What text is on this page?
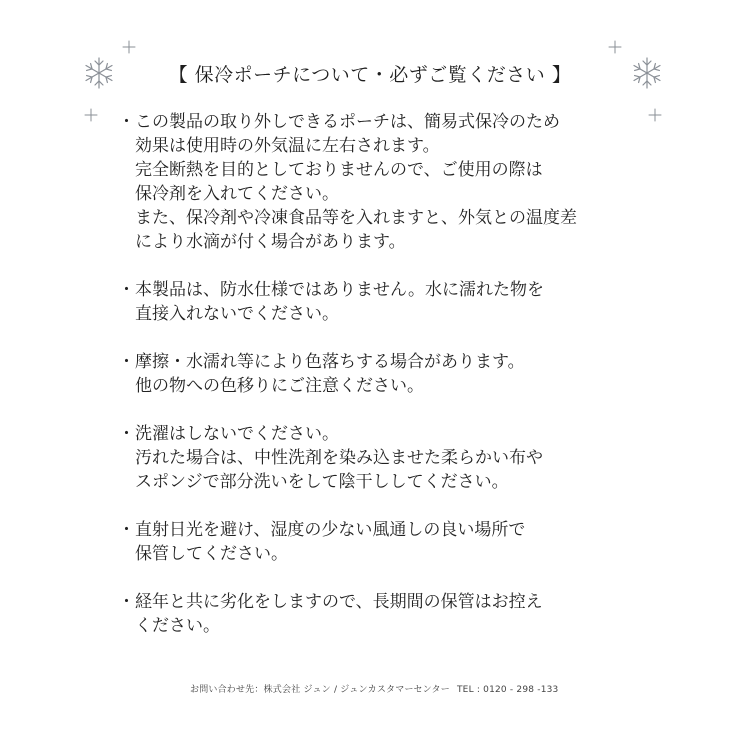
【 保冷ポーチについて・必ずご覧ください 】
・ この製品の取り外しできるポーチは、簡易式保冷のため
効果は使用時の外気温に左右されます。
完全断熱を目的としておりませんので、ご使用の際は
保冷剤を入れてください。
また、保冷剤や冷凍食品等を入れますと、外気との温度差
により水滴が付く場合があります。
・ 本製品は、防水仕様ではありません。水に濡れた物を
直接入れないでください。
・ 摩擦・水濡れ等により色落ちする場合があります。
他の物への色移りにご注意ください。
・ 洗濯はしないでください。
汚れた場合は、中性洗剤を染み込ませた柔らかい布や
スポンジで部分洗いをして陰干ししてください。
・ 直射日光を避け、湿度の少ない風通しの良い場所で
保管してください。
・ 経年と共に劣化をしますので、長期間の保管はお控え
ください。
お問い合わせ先：株式会社 ジュン / ジュンカスタマーセンター TEL : 0120 - 298 -133
